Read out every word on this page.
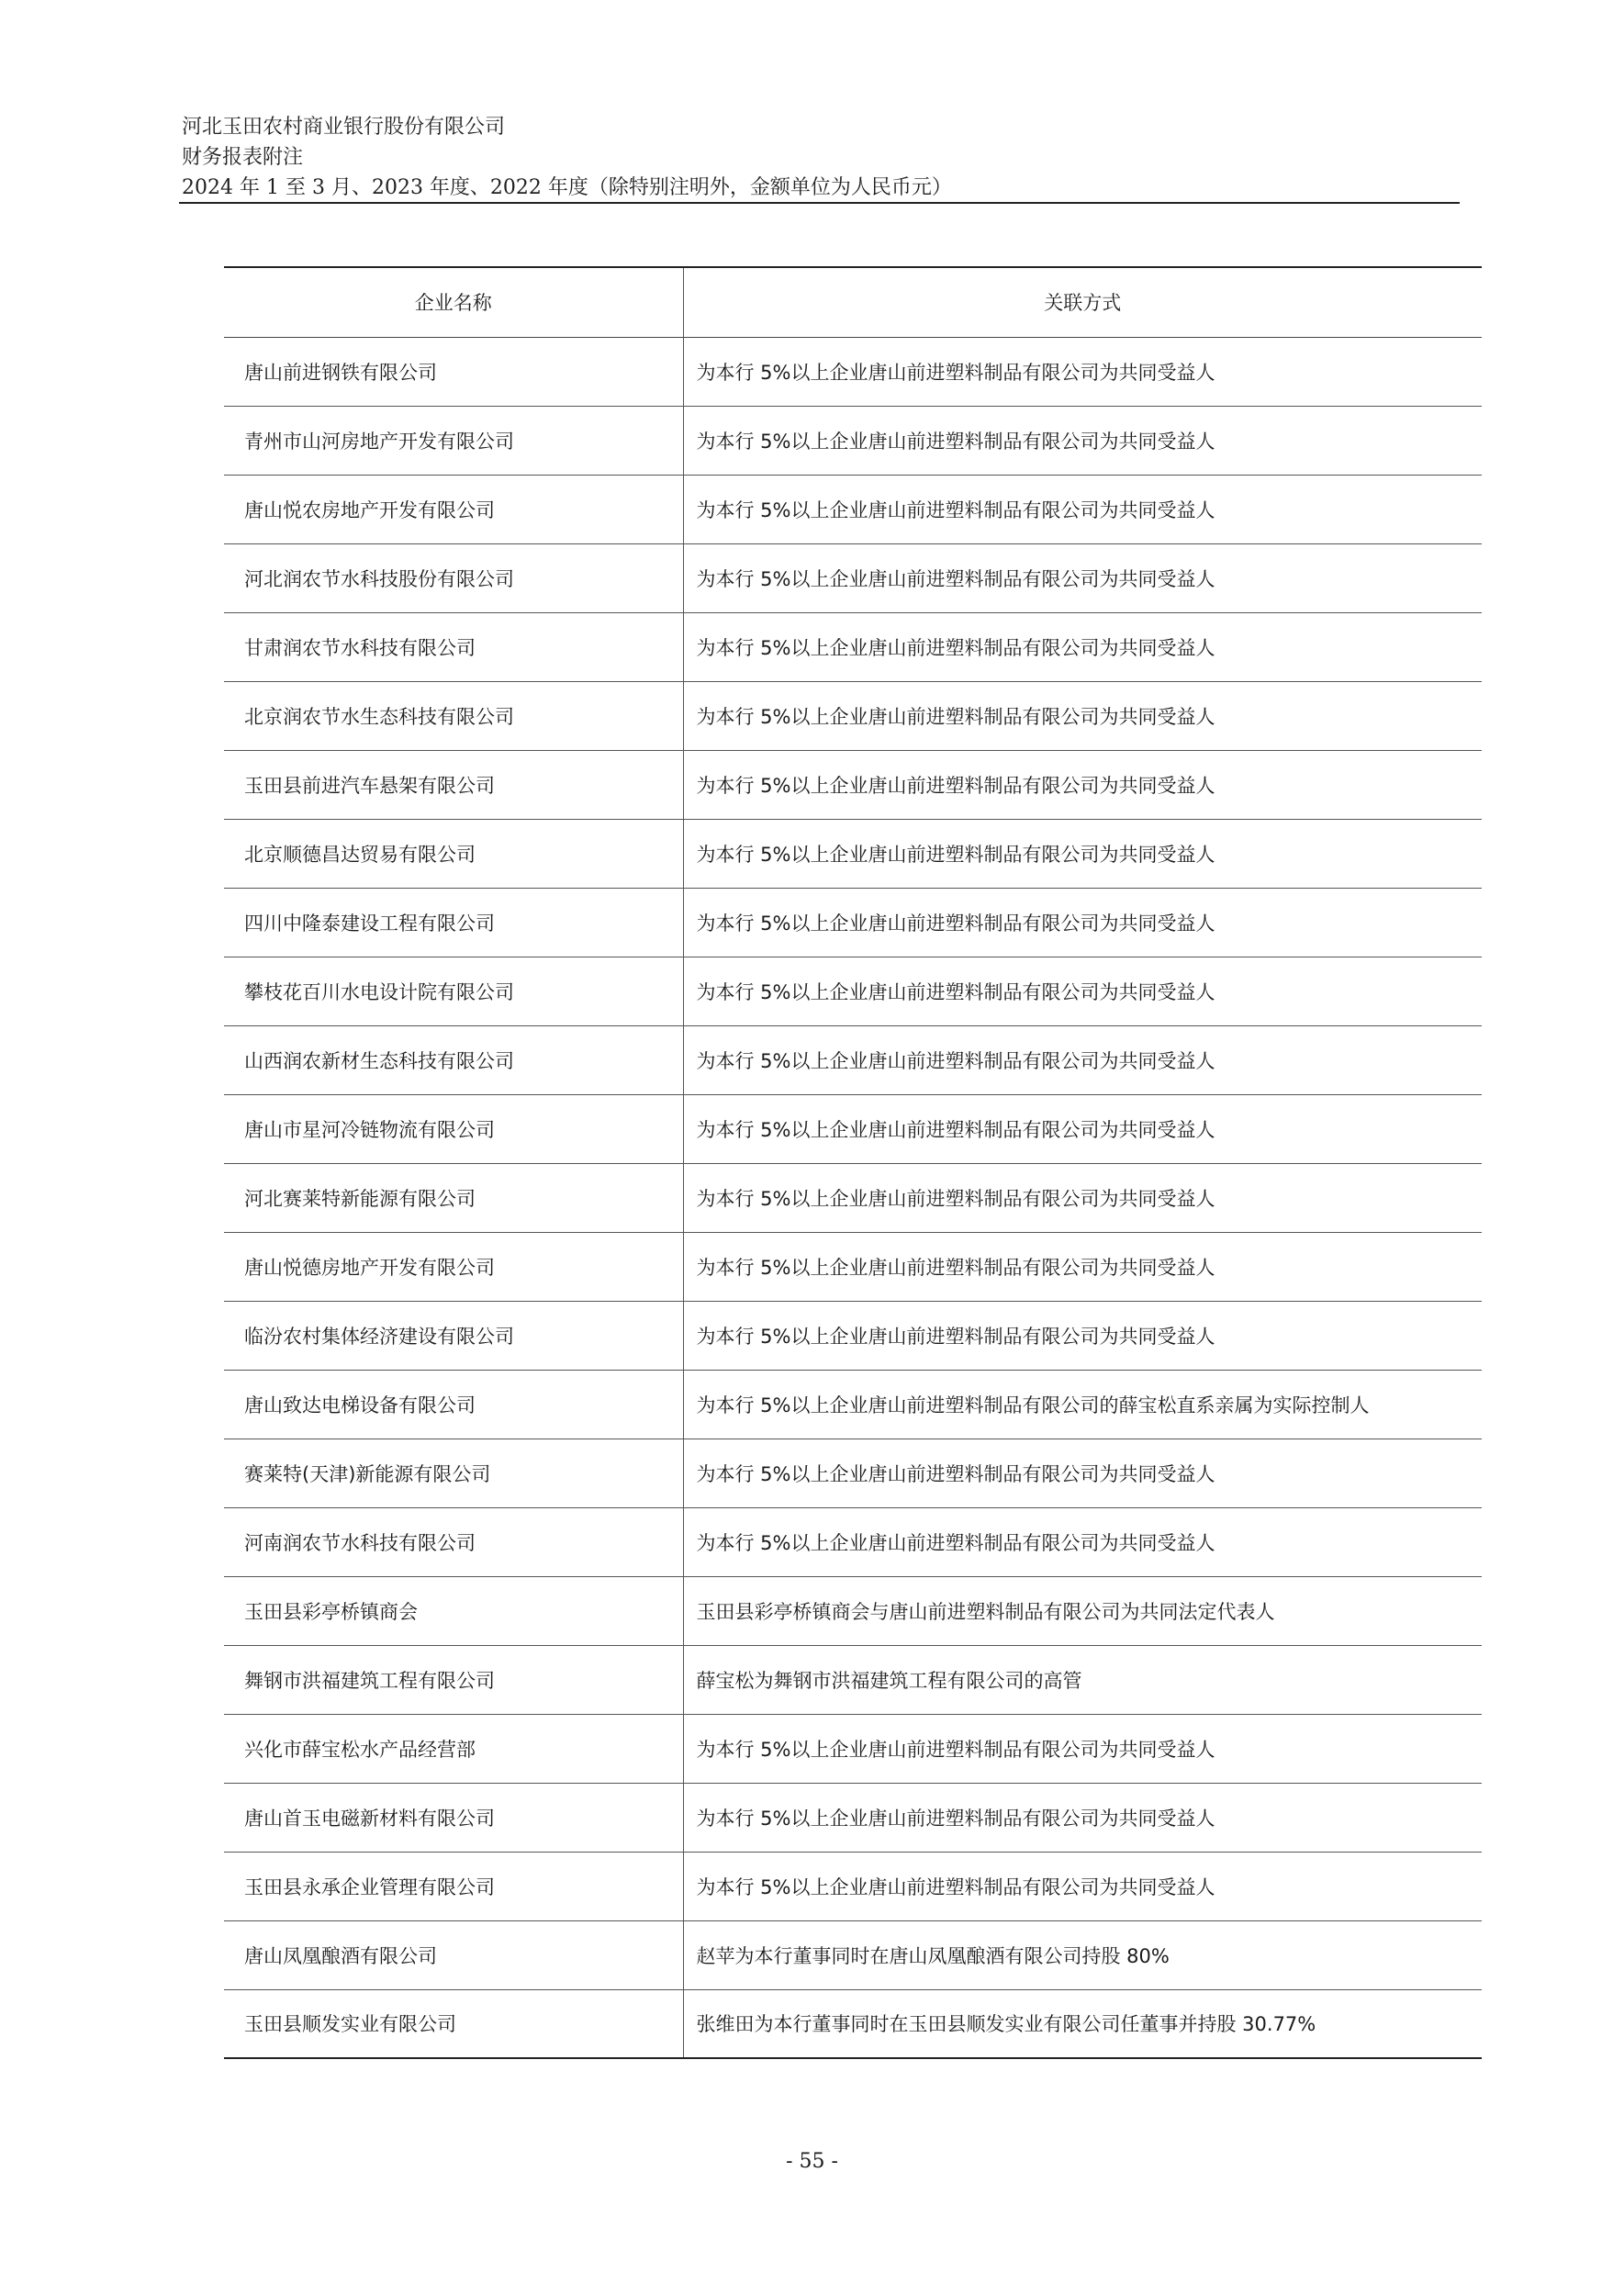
河北玉田农村商业银行股份有限公司
财务报表附注
2024 年 1 至 3 月、2023 年度、2022 年度（除特别注明外，金额单位为人民币元）
企业名称	关联方式
唐山前进钢铁有限公司	为本行 5%以上企业唐山前进塑料制品有限公司为共同受益人
青州市山河房地产开发有限公司	为本行 5%以上企业唐山前进塑料制品有限公司为共同受益人
唐山悦农房地产开发有限公司	为本行 5%以上企业唐山前进塑料制品有限公司为共同受益人
河北润农节水科技股份有限公司	为本行 5%以上企业唐山前进塑料制品有限公司为共同受益人
甘肃润农节水科技有限公司	为本行 5%以上企业唐山前进塑料制品有限公司为共同受益人
北京润农节水生态科技有限公司	为本行 5%以上企业唐山前进塑料制品有限公司为共同受益人
玉田县前进汽车悬架有限公司	为本行 5%以上企业唐山前进塑料制品有限公司为共同受益人
北京顺德昌达贸易有限公司	为本行 5%以上企业唐山前进塑料制品有限公司为共同受益人
四川中隆泰建设工程有限公司	为本行 5%以上企业唐山前进塑料制品有限公司为共同受益人
攀枝花百川水电设计院有限公司	为本行 5%以上企业唐山前进塑料制品有限公司为共同受益人
山西润农新材生态科技有限公司	为本行 5%以上企业唐山前进塑料制品有限公司为共同受益人
唐山市星河冷链物流有限公司	为本行 5%以上企业唐山前进塑料制品有限公司为共同受益人
河北赛莱特新能源有限公司	为本行 5%以上企业唐山前进塑料制品有限公司为共同受益人
唐山悦德房地产开发有限公司	为本行 5%以上企业唐山前进塑料制品有限公司为共同受益人
临汾农村集体经济建设有限公司	为本行 5%以上企业唐山前进塑料制品有限公司为共同受益人
唐山致达电梯设备有限公司	为本行 5%以上企业唐山前进塑料制品有限公司的薛宝松直系亲属为实际控制人
赛莱特(天津)新能源有限公司	为本行 5%以上企业唐山前进塑料制品有限公司为共同受益人
河南润农节水科技有限公司	为本行 5%以上企业唐山前进塑料制品有限公司为共同受益人
玉田县彩亭桥镇商会	玉田县彩亭桥镇商会与唐山前进塑料制品有限公司为共同法定代表人
舞钢市洪福建筑工程有限公司	薛宝松为舞钢市洪福建筑工程有限公司的高管
兴化市薛宝松水产品经营部	为本行 5%以上企业唐山前进塑料制品有限公司为共同受益人
唐山首玉电磁新材料有限公司	为本行 5%以上企业唐山前进塑料制品有限公司为共同受益人
玉田县永承企业管理有限公司	为本行 5%以上企业唐山前进塑料制品有限公司为共同受益人
唐山凤凰酿酒有限公司	赵苹为本行董事同时在唐山凤凰酿酒有限公司持股 80%
玉田县顺发实业有限公司	张维田为本行董事同时在玉田县顺发实业有限公司任董事并持股 30.77%
- 55 -
